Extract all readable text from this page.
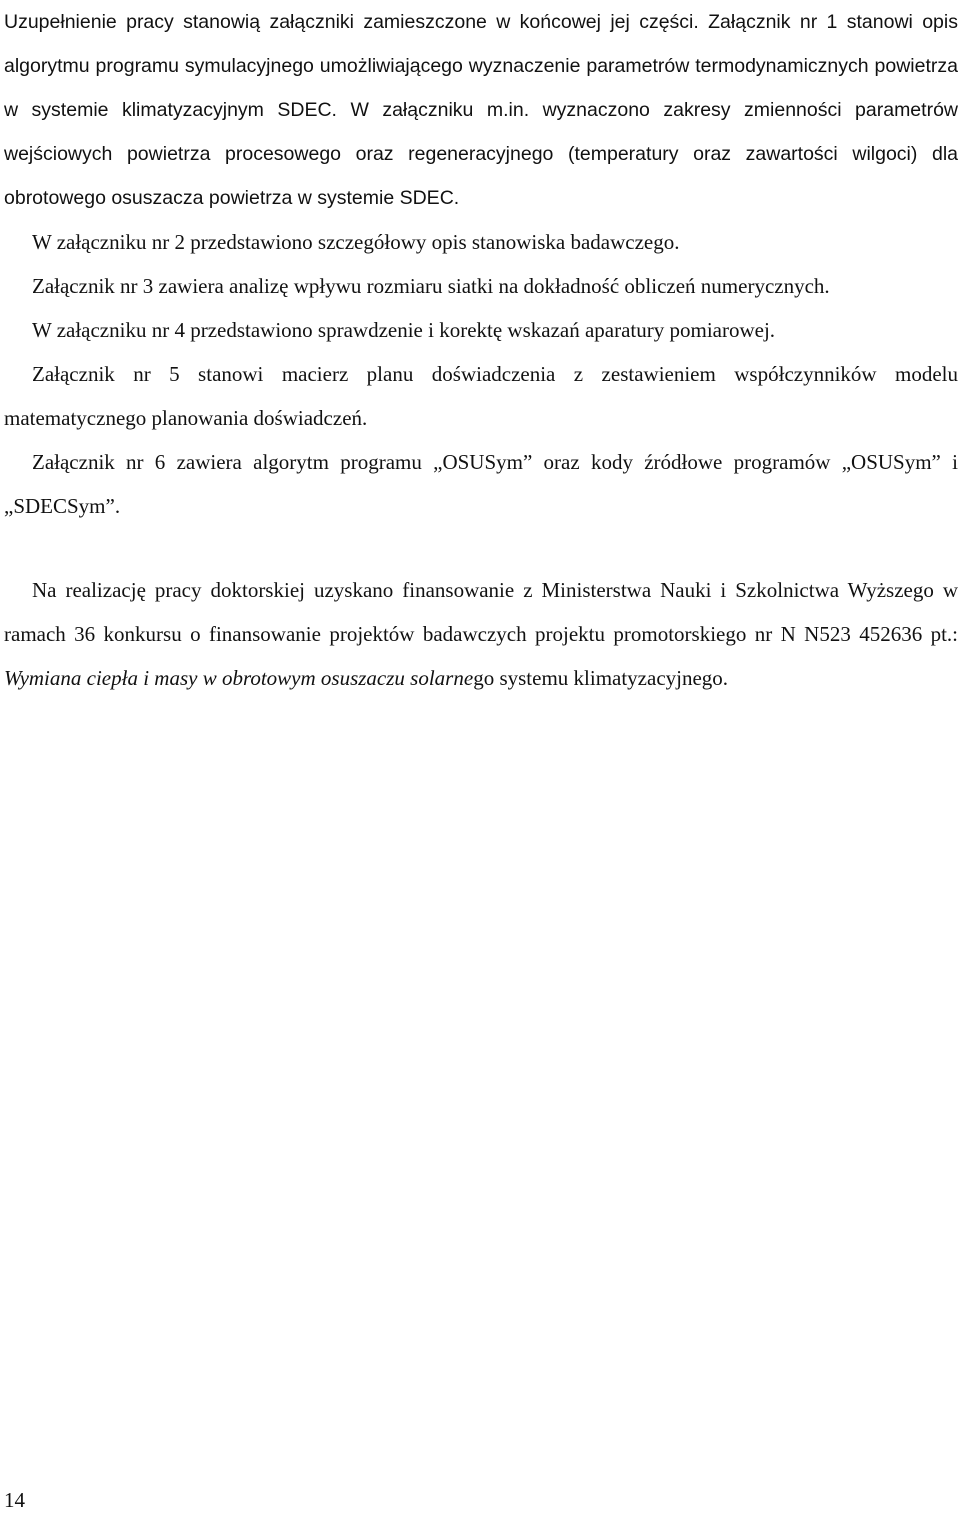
Uzupełnienie pracy stanowią załączniki zamieszczone w końcowej jej części. Załącznik nr 1 stanowi opis algorytmu programu symulacyjnego umożliwiającego wyznaczenie parametrów termodynamicznych powietrza w systemie klimatyzacyjnym SDEC. W załączniku m.in. wyznaczono zakresy zmienności parametrów wejściowych powietrza procesowego oraz regeneracyjnego (temperatury oraz zawartości wilgoci) dla obrotowego osuszacza powietrza w systemie SDEC.

W załączniku nr 2 przedstawiono szczegółowy opis stanowiska badawczego.

Załącznik nr 3 zawiera analizę wpływu rozmiaru siatki na dokładność obliczeń numerycznych.

W załączniku nr 4 przedstawiono sprawdzenie i korektę wskazań aparatury pomiarowej.

Załącznik nr 5 stanowi macierz planu doświadczenia z zestawieniem współczynników modelu matematycznego planowania doświadczeń.

Załącznik nr 6 zawiera algorytm programu „OSUSym” oraz kody źródłowe programów „OSUSym” i „SDECSym”.

Na realizację pracy doktorskiej uzyskano finansowanie z Ministerstwa Nauki i Szkolnictwa Wyższego w ramach 36 konkursu o finansowanie projektów badawczych projektu promotorskiego nr N N523 452636 pt.: Wymiana ciepła i masy w obrotowym osuszaczu solarnego systemu klimatyzacyjnego.

14
